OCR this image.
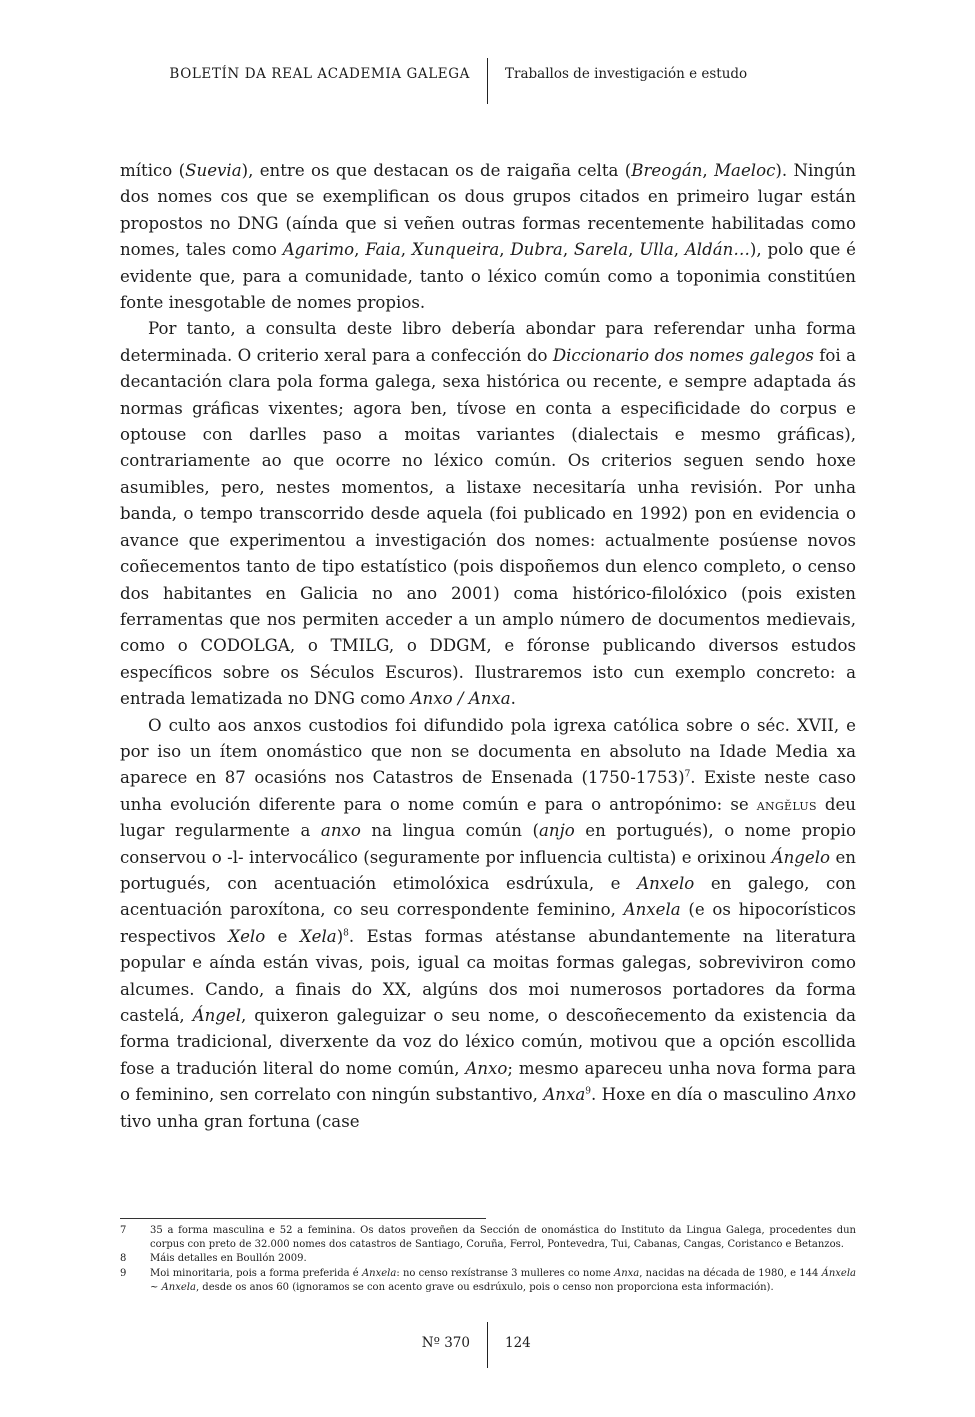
BOLETÍN DA REAL ACADEMIA GALEGA	Traballos de investigación e estudo

mítico (Suevia), entre os que destacan os de raigaña celta (Breogán, Maeloc). Ningún dos nomes cos que se exemplifican os dous grupos citados en primeiro lugar están propostos no DNG (aínda que si veñen outras formas recentemente habilitadas como nomes, tales como Agarimo, Faia, Xunqueira, Dubra, Sarela, Ulla, Aldán…), polo que é evidente que, para a comunidade, tanto o léxico común como a toponimia constitúen fonte inesgotable de nomes propios.

Por tanto, a consulta deste libro debería abondar para referendar unha forma determinada. O criterio xeral para a confección do Diccionario dos nomes galegos foi a decantación clara pola forma galega, sexa histórica ou recente, e sempre adaptada ás normas gráficas vixentes; agora ben, tívose en conta a especificidade do corpus e optouse con darlles paso a moitas variantes (dialectais e mesmo gráficas), contrariamente ao que ocorre no léxico común. Os criterios seguen sendo hoxe asumibles, pero, nestes momentos, a listaxe necesitaría unha revisión. Por unha banda, o tempo transcorrido desde aquela (foi publicado en 1992) pon en evidencia o avance que experimentou a investigación dos nomes: actualmente posúense novos coñecementos tanto de tipo estatístico (pois dispoñemos dun elenco completo, o censo dos habitantes en Galicia no ano 2001) coma histórico-filolóxico (pois existen ferramentas que nos permiten acceder a un amplo número de documentos medievais, como o CODOLGA, o TMILG, o DDGM, e fóronse publicando diversos estudos específicos sobre os Séculos Escuros). Ilustraremos isto cun exemplo concreto: a entrada lematizada no DNG como Anxo / Anxa.

O culto aos anxos custodios foi difundido pola igrexa católica sobre o séc. XVII, e por iso un ítem onomástico que non se documenta en absoluto na Idade Media xa aparece en 87 ocasións nos Catastros de Ensenada (1750-1753)$^7$. Existe neste caso unha evolución diferente para o nome común e para o antropónimo: se angĕlus deu lugar regularmente a anxo na lingua común (anjo en portugués), o nome propio conservou o -l- intervocálico (seguramente por influencia cultista) e orixinou Ángelo en portugués, con acentuación etimolóxica esdrúxula, e Anxelo en galego, con acentuación paroxítona, co seu correspondente feminino, Anxela (e os hipocorísticos respectivos Xelo e Xela)$^8$. Estas formas atéstanse abundantemente na literatura popular e aínda están vivas, pois, igual ca moitas formas galegas, sobreviviron como alcumes. Cando, a finais do XX, algúns dos moi numerosos portadores da forma castelá, Ángel, quixeron galeguizar o seu nome, o descoñecemento da existencia da forma tradicional, diverxente da voz do léxico común, motivou que a opción escollida fose a tradución literal do nome común, Anxo; mesmo apareceu unha nova forma para o feminino, sen correlato con ningún substantivo, Anxa$^9$. Hoxe en día o masculino Anxo tivo unha gran fortuna (case

7 35 a forma masculina e 52 a feminina. Os datos proveñen da Sección de onomástica do Instituto da Lingua Galega, procedentes dun corpus con preto de 32.000 nomes dos catastros de Santiago, Coruña, Ferrol, Pontevedra, Tui, Cabanas, Cangas, Coristanco e Betanzos.
8 Máis detalles en Boullón 2009.
9 Moi minoritaria, pois a forma preferida é Anxela: no censo rexístranse 3 mulleres co nome Anxa, nacidas na década de 1980, e 144 Ánxela ~ Anxela, desde os anos 60 (ignoramos se con acento grave ou esdrúxulo, pois o censo non proporciona esta información).
Nº 370	124
